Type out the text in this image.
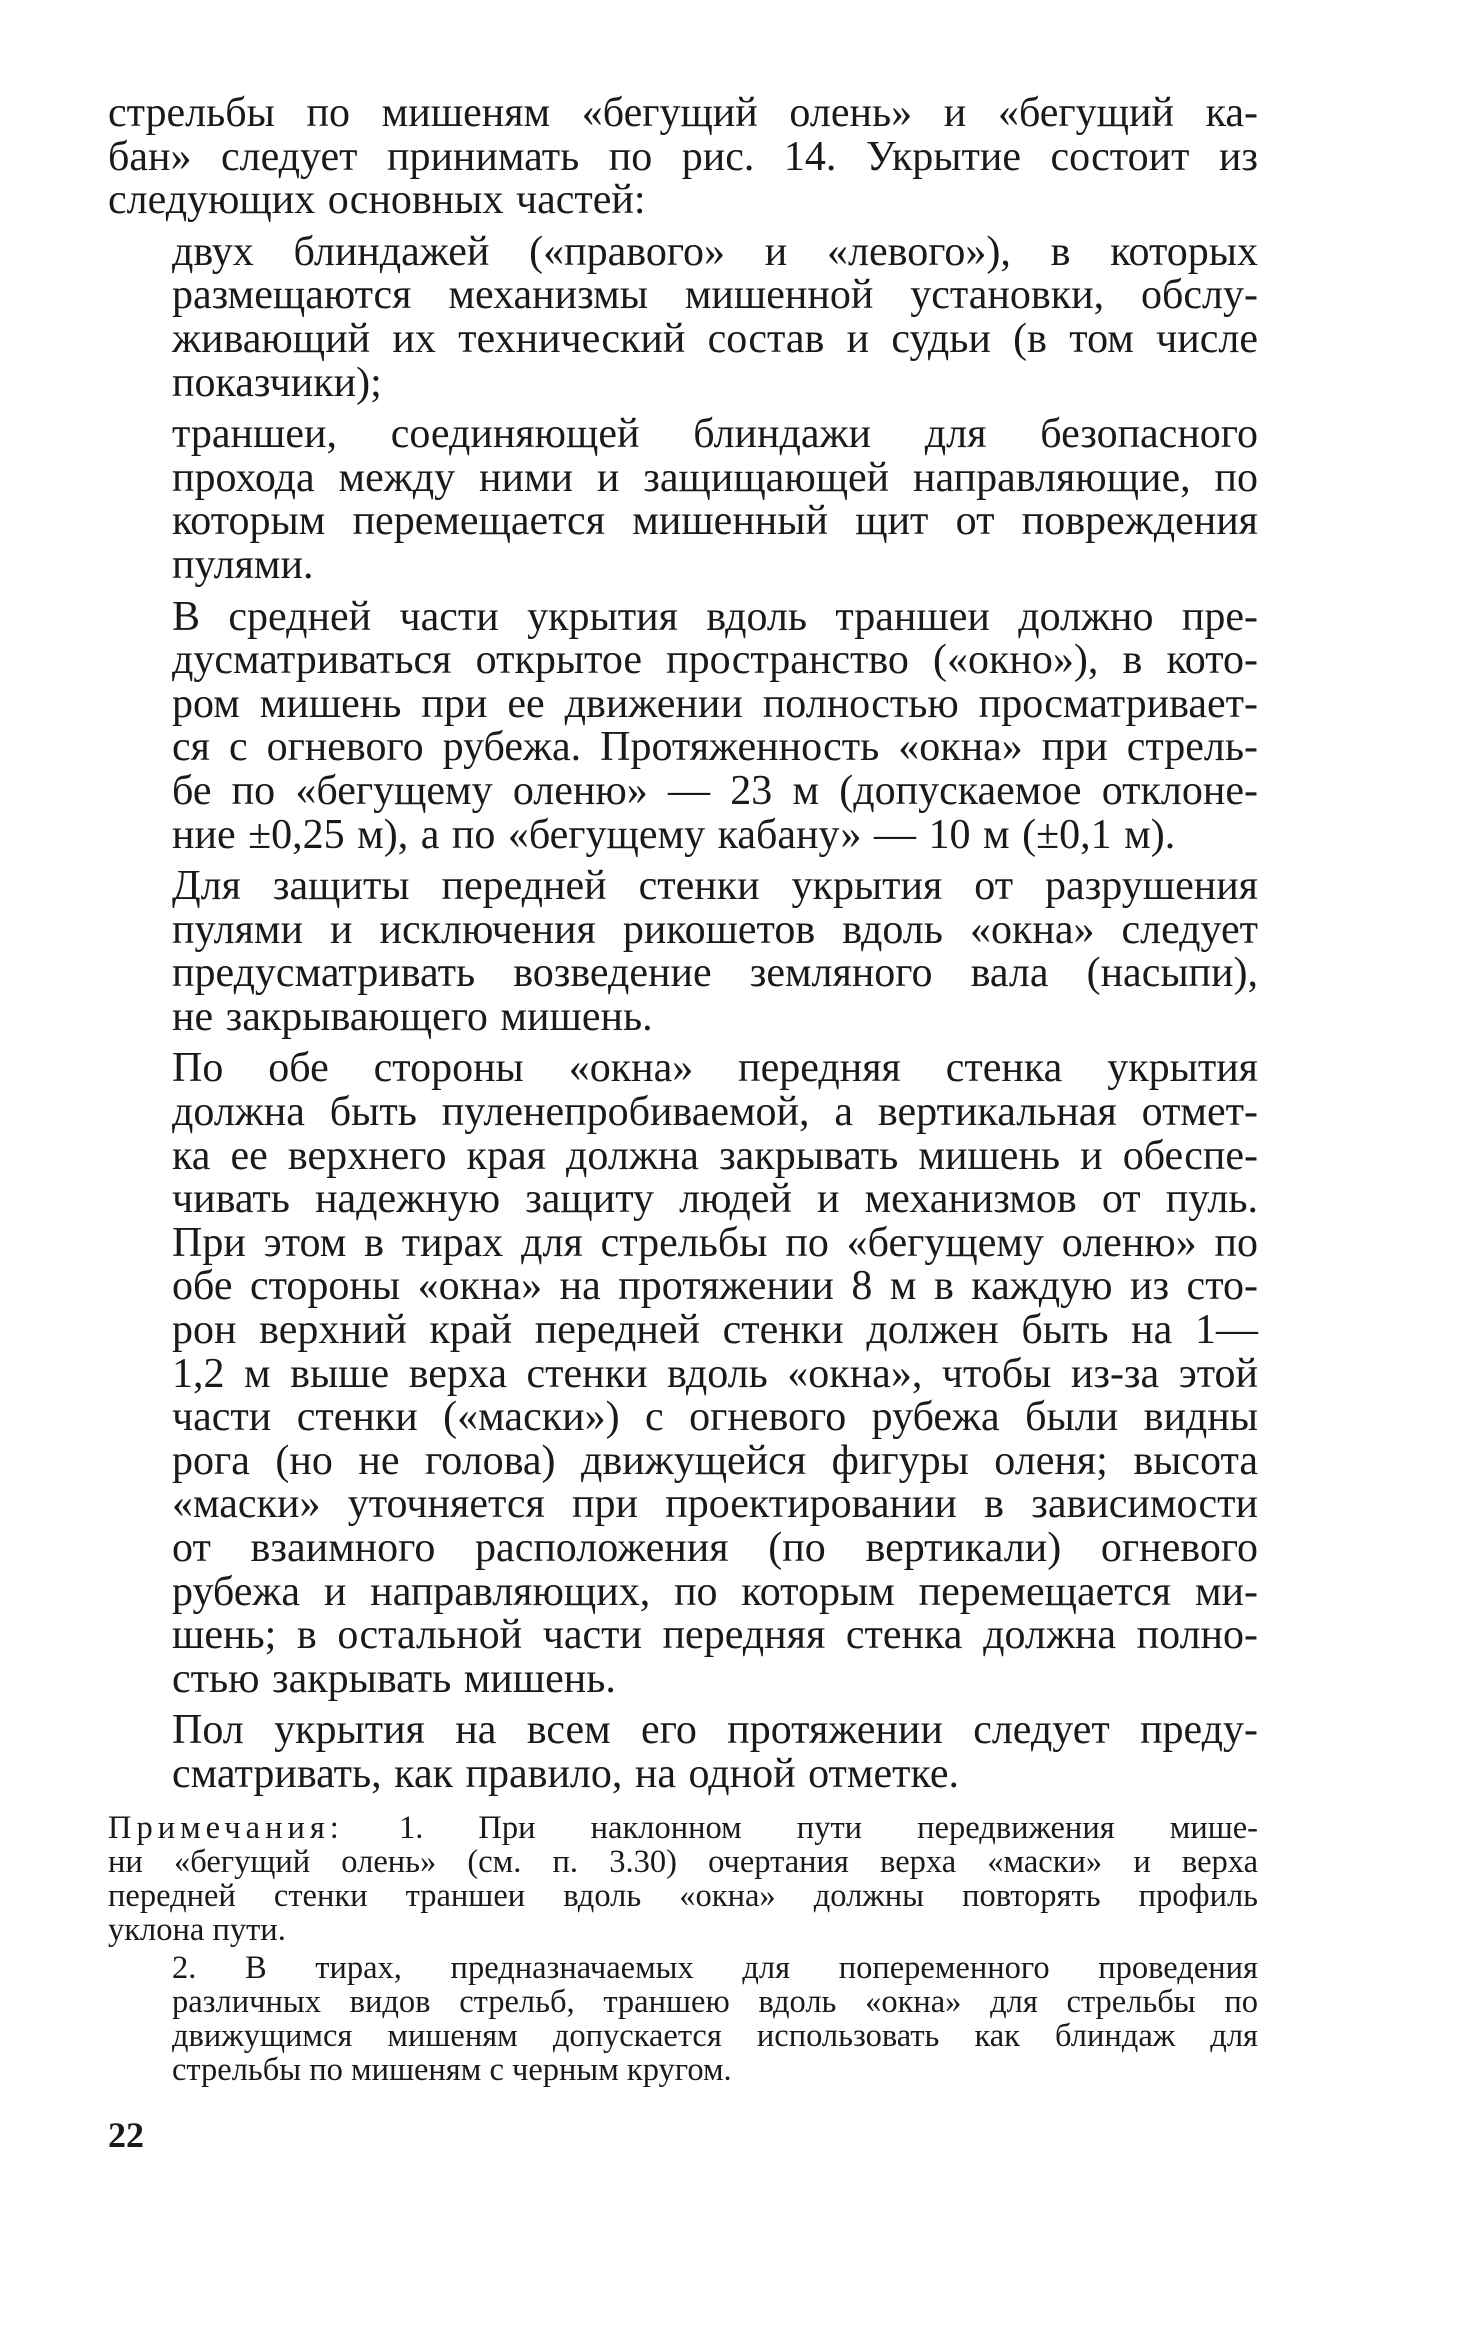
стрельбы по мишеням «бегущий олень» и «бегущий ка-
бан» следует принимать по рис. 14. Укрытие состоит из
следующих основных частей:
двух блиндажей («правого» и «левого»), в которых
размещаются механизмы мишенной установки, обслу-
живающий их технический состав и судьи (в том числе
показчики);
траншеи, соединяющей блиндажи для безопасного
прохода между ними и защищающей направляющие, по
которым перемещается мишенный щит от повреждения
пулями.
В средней части укрытия вдоль траншеи должно пре-
дусматриваться открытое пространство («окно»), в кото-
ром мишень при ее движении полностью просматривает-
ся с огневого рубежа. Протяженность «окна» при стрель-
бе по «бегущему оленю» — 23 м (допускаемое отклоне-
ние ±0,25 м), а по «бегущему кабану» — 10 м (±0,1 м).
Для защиты передней стенки укрытия от разрушения
пулями и исключения рикошетов вдоль «окна» следует
предусматривать возведение земляного вала (насыпи),
не закрывающего мишень.
По обе стороны «окна» передняя стенка укрытия
должна быть пуленепробиваемой, а вертикальная отмет-
ка ее верхнего края должна закрывать мишень и обеспе-
чивать надежную защиту людей и механизмов от пуль.
При этом в тирах для стрельбы по «бегущему оленю» по
обе стороны «окна» на протяжении 8 м в каждую из сто-
рон верхний край передней стенки должен быть на 1—
1,2 м выше верха стенки вдоль «окна», чтобы из-за этой
части стенки («маски») с огневого рубежа были видны
рога (но не голова) движущейся фигуры оленя; высота
«маски» уточняется при проектировании в зависимости
от взаимного расположения (по вертикали) огневого
рубежа и направляющих, по которым перемещается ми-
шень; в остальной части передняя стенка должна полно-
стью закрывать мишень.
Пол укрытия на всем его протяжении следует преду-
сматривать, как правило, на одной отметке.
Примечания: 1. При наклонном пути передвижения мише-
ни «бегущий олень» (см. п. 3.30) очертания верха «маски» и верха
передней стенки траншеи вдоль «окна» должны повторять профиль
уклона пути.
2. В тирах, предназначаемых для попеременного проведения
различных видов стрельб, траншею вдоль «окна» для стрельбы по
движущимся мишеням допускается использовать как блиндаж для
стрельбы по мишеням с черным кругом.
22
